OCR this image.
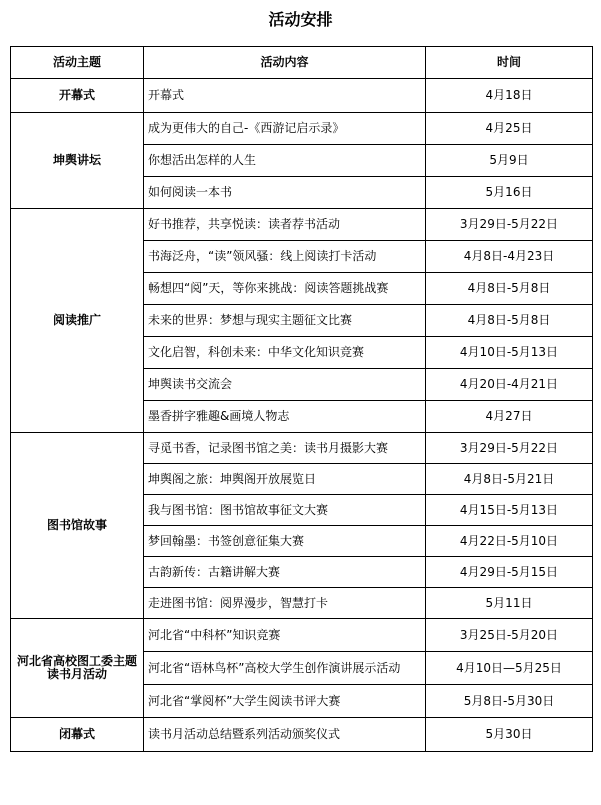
活动安排
活动主题	活动内容	时间
开幕式	开幕式	4月18日
坤舆讲坛	成为更伟大的自己-《西游记启示录》	4月25日
	你想活出怎样的人生	5月9日
	如何阅读一本书	5月16日
阅读推广	好书推荐，共享悦读：读者荐书活动	3月29日-5月22日
	书海泛舟，“读”领风骚：线上阅读打卡活动	4月8日-4月23日
	畅想四“阅”天，等你来挑战：阅读答题挑战赛	4月8日-5月8日
	未来的世界：梦想与现实主题征文比赛	4月8日-5月8日
	文化启智，科创未来：中华文化知识竞赛	4月10日-5月13日
	坤舆读书交流会	4月20日-4月21日
	墨香拼字雅趣&画境人物志	4月27日
图书馆故事	寻觅书香，记录图书馆之美：读书月摄影大赛	3月29日-5月22日
	坤舆阁之旅：坤舆阁开放展览日	4月8日-5月21日
	我与图书馆：图书馆故事征文大赛	4月15日-5月13日
	梦回翰墨：书签创意征集大赛	4月22日-5月10日
	古韵新传：古籍讲解大赛	4月29日-5月15日
	走进图书馆：阅界漫步，智慧打卡	5月11日
河北省高校图工委主题读书月活动	河北省“中科杯”知识竞赛	3月25日-5月20日
	河北省“语林鸟杯”高校大学生创作演讲展示活动	4月10日—5月25日
	河北省“掌阅杯”大学生阅读书评大赛	5月8日-5月30日
闭幕式	读书月活动总结暨系列活动颁奖仪式	5月30日
